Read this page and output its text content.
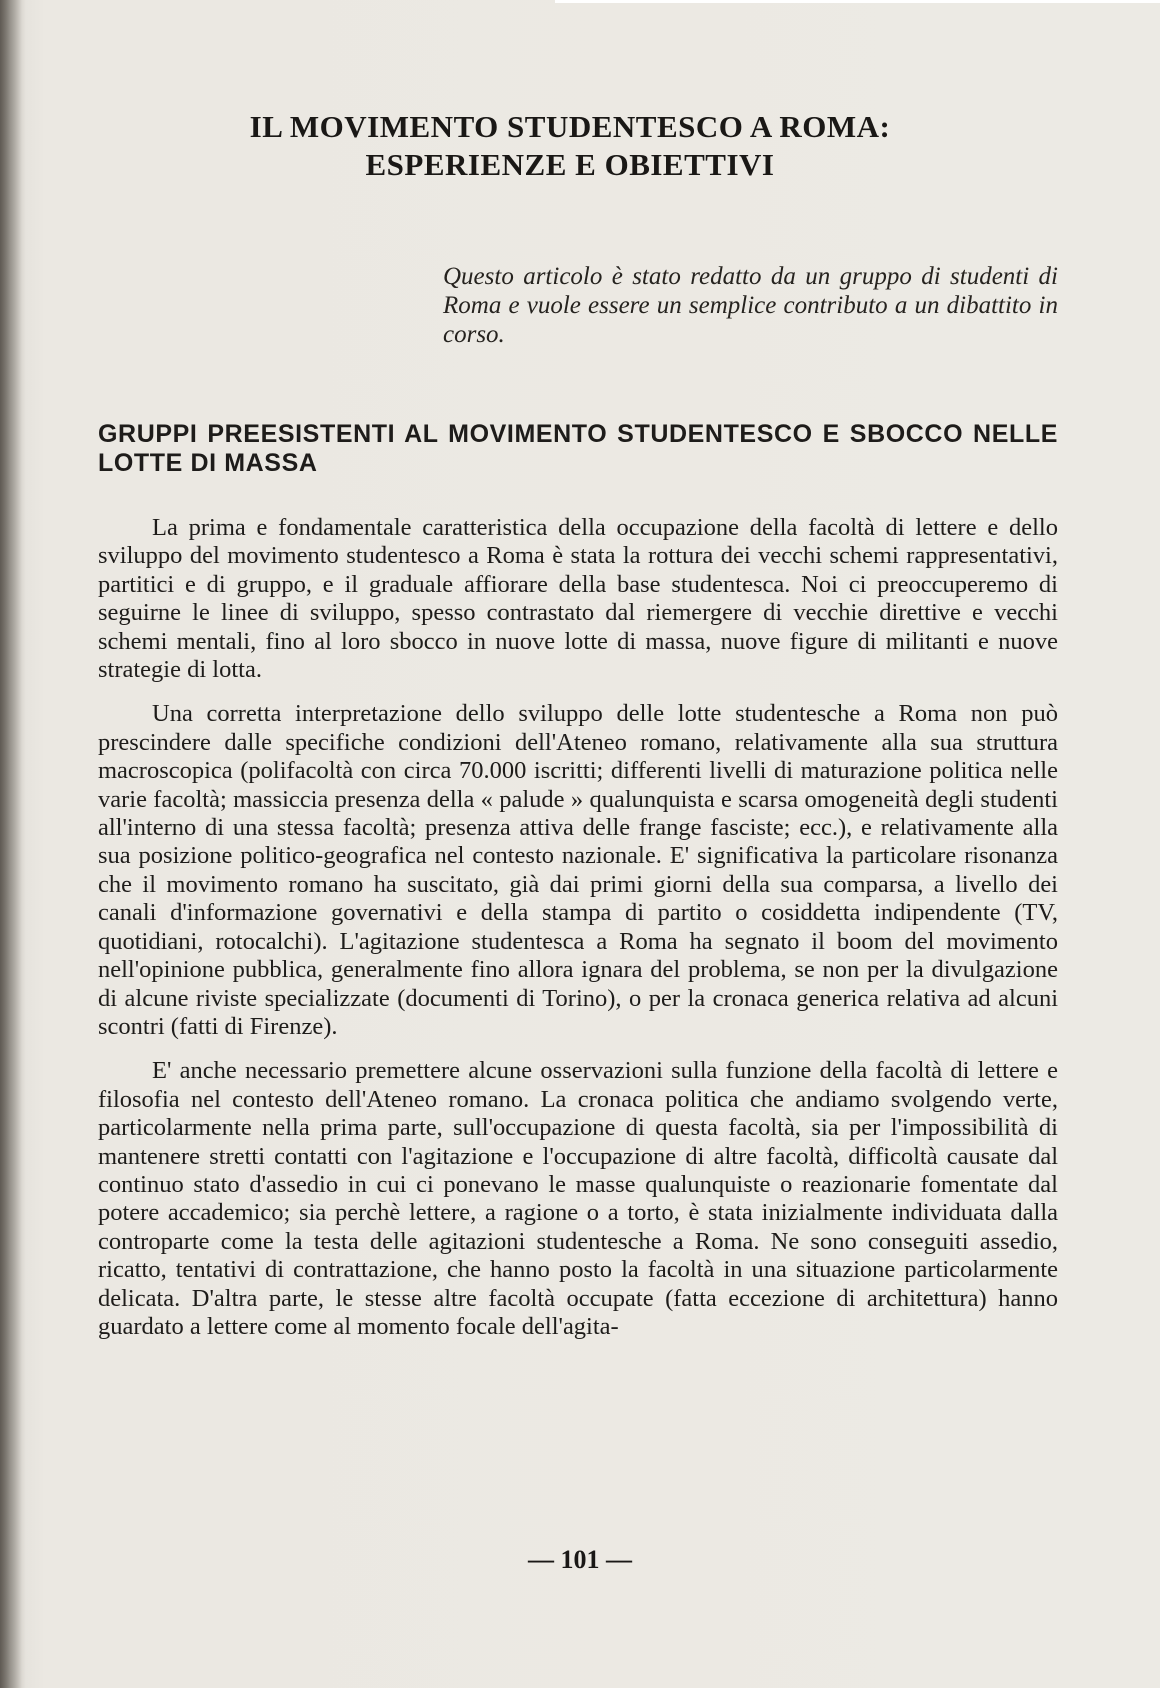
IL MOVIMENTO STUDENTESCO A ROMA:
ESPERIENZE E OBIETTIVI

Questo articolo è stato redatto da un gruppo di studenti di Roma e vuole essere un semplice contributo a un dibattito in corso.

GRUPPI PREESISTENTI AL MOVIMENTO STUDENTESCO E SBOCCO NELLE LOTTE DI MASSA

La prima e fondamentale caratteristica della occupazione della facoltà di lettere e dello sviluppo del movimento studentesco a Roma è stata la rottura dei vecchi schemi rappresentativi, partitici e di gruppo, e il graduale affiorare della base studentesca. Noi ci preoccuperemo di seguirne le linee di sviluppo, spesso contrastato dal riemergere di vecchie direttive e vecchi schemi mentali, fino al loro sbocco in nuove lotte di massa, nuove figure di militanti e nuove strategie di lotta.

Una corretta interpretazione dello sviluppo delle lotte studentesche a Roma non può prescindere dalle specifiche condizioni dell'Ateneo romano, relativamente alla sua struttura macroscopica (polifacoltà con circa 70.000 iscritti; differenti livelli di maturazione politica nelle varie facoltà; massiccia presenza della « palude » qualunquista e scarsa omogeneità degli studenti all'interno di una stessa facoltà; presenza attiva delle frange fasciste; ecc.), e relativamente alla sua posizione politico-geografica nel contesto nazionale. E' significativa la particolare risonanza che il movimento romano ha suscitato, già dai primi giorni della sua comparsa, a livello dei canali d'informazione governativi e della stampa di partito o cosiddetta indipendente (TV, quotidiani, rotocalchi). L'agitazione studentesca a Roma ha segnato il boom del movimento nell'opinione pubblica, generalmente fino allora ignara del problema, se non per la divulgazione di alcune riviste specializzate (documenti di Torino), o per la cronaca generica relativa ad alcuni scontri (fatti di Firenze).

E' anche necessario premettere alcune osservazioni sulla funzione della facoltà di lettere e filosofia nel contesto dell'Ateneo romano. La cronaca politica che andiamo svolgendo verte, particolarmente nella prima parte, sull'occupazione di questa facoltà, sia per l'impossibilità di mantenere stretti contatti con l'agitazione e l'occupazione di altre facoltà, difficoltà causate dal continuo stato d'assedio in cui ci ponevano le masse qualunquiste o reazionarie fomentate dal potere accademico; sia perchè lettere, a ragione o a torto, è stata inizialmente individuata dalla controparte come la testa delle agitazioni studentesche a Roma. Ne sono conseguiti assedio, ricatto, tentativi di contrattazione, che hanno posto la facoltà in una situazione particolarmente delicata. D'altra parte, le stesse altre facoltà occupate (fatta eccezione di architettura) hanno guardato a lettere come al momento focale dell'agita-

— 101 —
